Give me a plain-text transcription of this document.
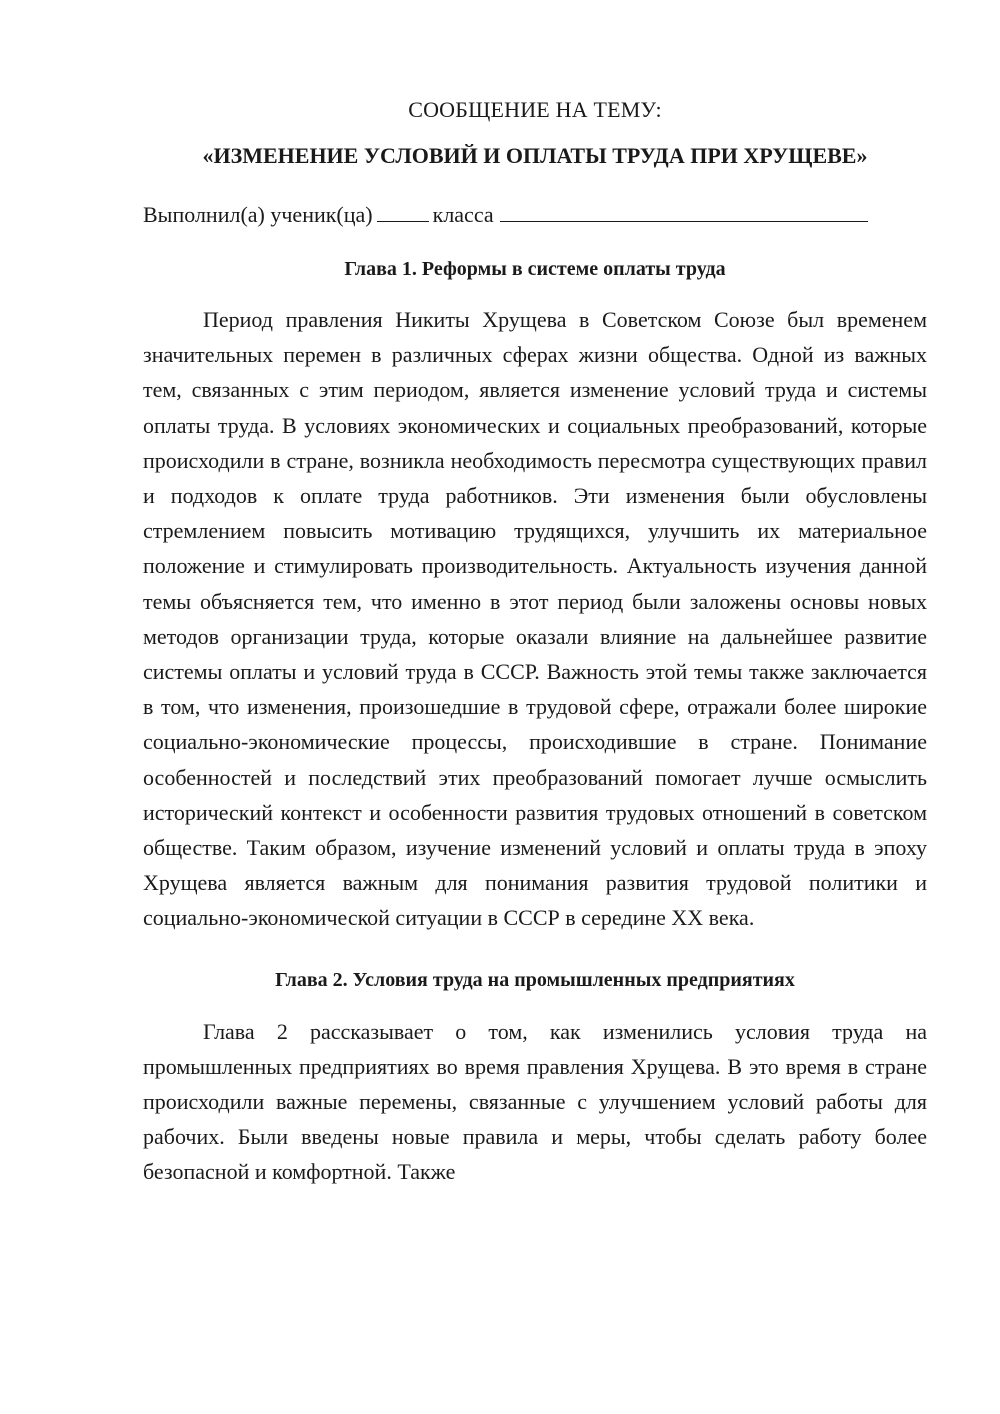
СООБЩЕНИЕ НА ТЕМУ:
«ИЗМЕНЕНИЕ УСЛОВИЙ И ОПЛАТЫ ТРУДА ПРИ ХРУЩЕВЕ»

Выполнил(а) ученик(ца)	класса

Глава 1. Реформы в системе оплаты труда

Период правления Никиты Хрущева в Советском Союзе был временем значительных перемен в различных сферах жизни общества. Одной из важных тем, связанных с этим периодом, является изменение условий труда и системы оплаты труда. В условиях экономических и социальных преобразований, которые происходили в стране, возникла необходимость пересмотра существующих правил и подходов к оплате труда работников. Эти изменения были обусловлены стремлением повысить мотивацию трудящихся, улучшить их материальное положение и стимулировать производительность. Актуальность изучения данной темы объясняется тем, что именно в этот период были заложены основы новых методов организации труда, которые оказали влияние на дальнейшее развитие системы оплаты и условий труда в СССР. Важность этой темы также заключается в том, что изменения, произошедшие в трудовой сфере, отражали более широкие социально-экономические процессы, происходившие в стране. Понимание особенностей и последствий этих преобразований помогает лучше осмыслить исторический контекст и особенности развития трудовых отношений в советском обществе. Таким образом, изучение изменений условий и оплаты труда в эпоху Хрущева является важным для понимания развития трудовой политики и социально-экономической ситуации в СССР в середине XX века.

Глава 2. Условия труда на промышленных предприятиях

Глава 2 рассказывает о том, как изменились условия труда на промышленных предприятиях во время правления Хрущева. В это время в стране происходили важные перемены, связанные с улучшением условий работы для рабочих. Были введены новые правила и меры, чтобы сделать работу более безопасной и комфортной. Также
